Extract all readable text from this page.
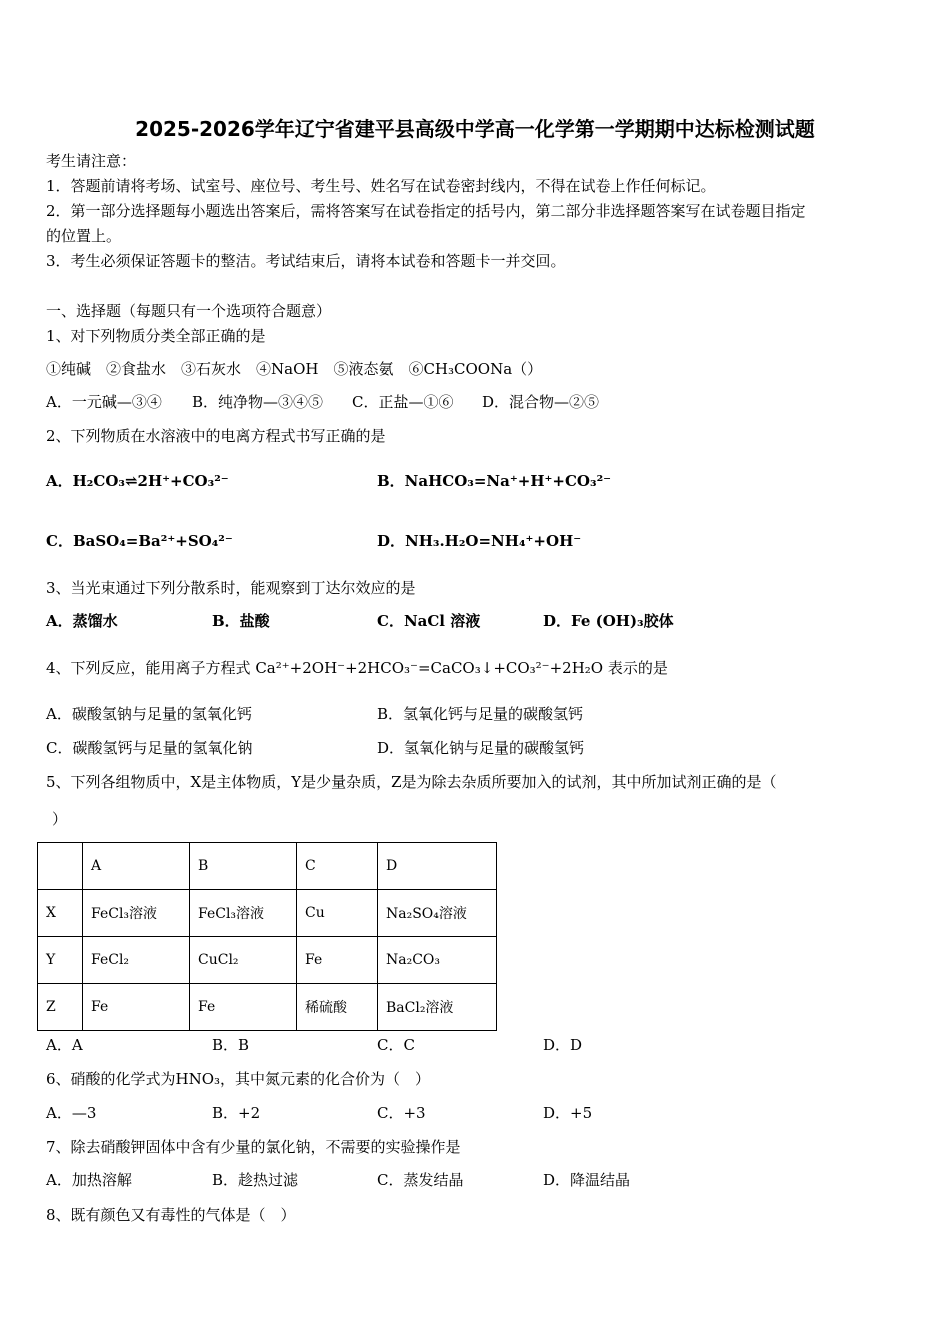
2025-2026学年辽宁省建平县高级中学高一化学第一学期期中达标检测试题
考生请注意：
1．答题前请将考场、试室号、座位号、考生号、姓名写在试卷密封线内，不得在试卷上作任何标记。
2．第一部分选择题每小题选出答案后，需将答案写在试卷指定的括号内，第二部分非选择题答案写在试卷题目指定
的位置上。
3．考生必须保证答题卡的整洁。考试结束后，请将本试卷和答题卡一并交回。
一、选择题（每题只有一个选项符合题意）
1、对下列物质分类全部正确的是
①纯碱　②食盐水　③石灰水　④NaOH　⑤液态氨　⑥CH₃COONa（）
A．一元碱—③④ B．纯净物—③④⑤ C．正盐—①⑥ D．混合物—②⑤
2、下列物质在水溶液中的电离方程式书写正确的是
A．H₂CO₃⇌2H⁺+CO₃²⁻	B．NaHCO₃=Na⁺+H⁺+CO₃²⁻
C．BaSO₄=Ba²⁺+SO₄²⁻	D．NH₃.H₂O=NH₄⁺+OH⁻
3、当光束通过下列分散系时，能观察到丁达尔效应的是
A．蒸馏水	B．盐酸	C．NaCl 溶液	D．Fe (OH)₃胶体
4、下列反应，能用离子方程式 Ca²⁺+2OH⁻+2HCO₃⁻=CaCO₃↓+CO₃²⁻+2H₂O 表示的是
A．碳酸氢钠与足量的氢氧化钙	B．氢氧化钙与足量的碳酸氢钙
C．碳酸氢钙与足量的氢氧化钠	D．氢氧化钠与足量的碳酸氢钙
5、下列各组物质中，X是主体物质，Y是少量杂质，Z是为除去杂质所要加入的试剂，其中所加试剂正确的是（
）
	A	B	C	D
X	FeCl₃溶液	FeCl₃溶液	Cu	Na₂SO₄溶液
Y	FeCl₂	CuCl₂	Fe	Na₂CO₃
Z	Fe	Fe	稀硫酸	BaCl₂溶液
A．A	B．B	C．C	D．D
6、硝酸的化学式为HNO₃，其中氮元素的化合价为（　）
A．—3	B．+2	C．+3	D．+5
7、除去硝酸钾固体中含有少量的氯化钠，不需要的实验操作是
A．加热溶解	B．趁热过滤	C．蒸发结晶	D．降温结晶
8、既有颜色又有毒性的气体是（　）
